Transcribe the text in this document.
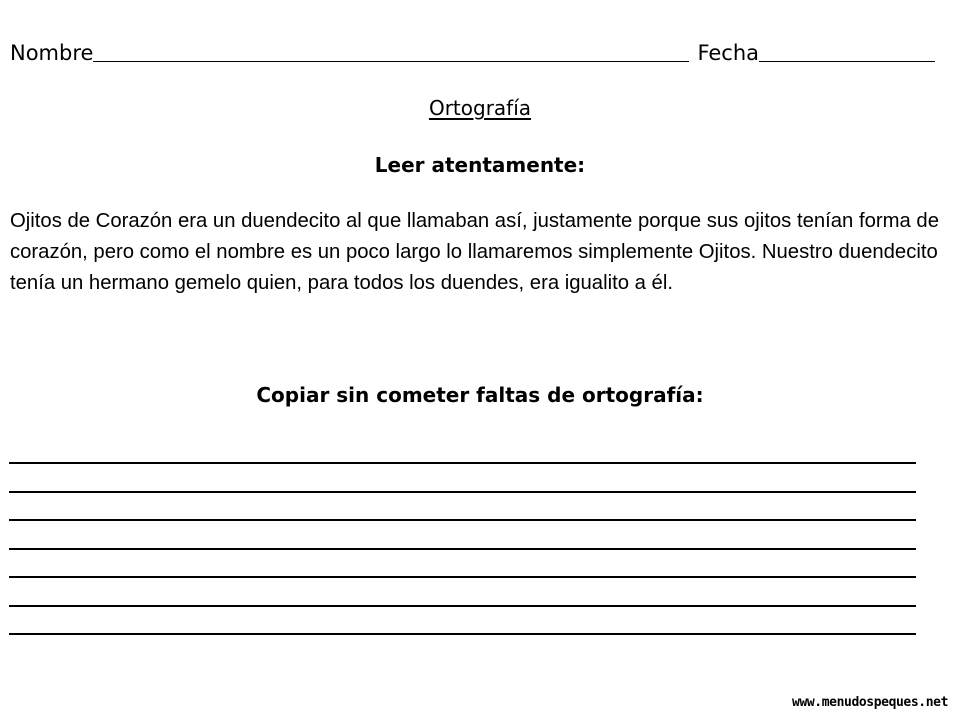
Nombre	Fecha
Ortografía
Leer atentamente:

Ojitos de Corazón era un duendecito al que llamaban así, justamente porque sus ojitos tenían forma de corazón, pero como el nombre es un poco largo lo llamaremos simplemente Ojitos. Nuestro duendecito tenía un hermano gemelo quien, para todos los duendes, era igualito a él.

Copiar sin cometer faltas de ortografía:
www.menudospeques.net
